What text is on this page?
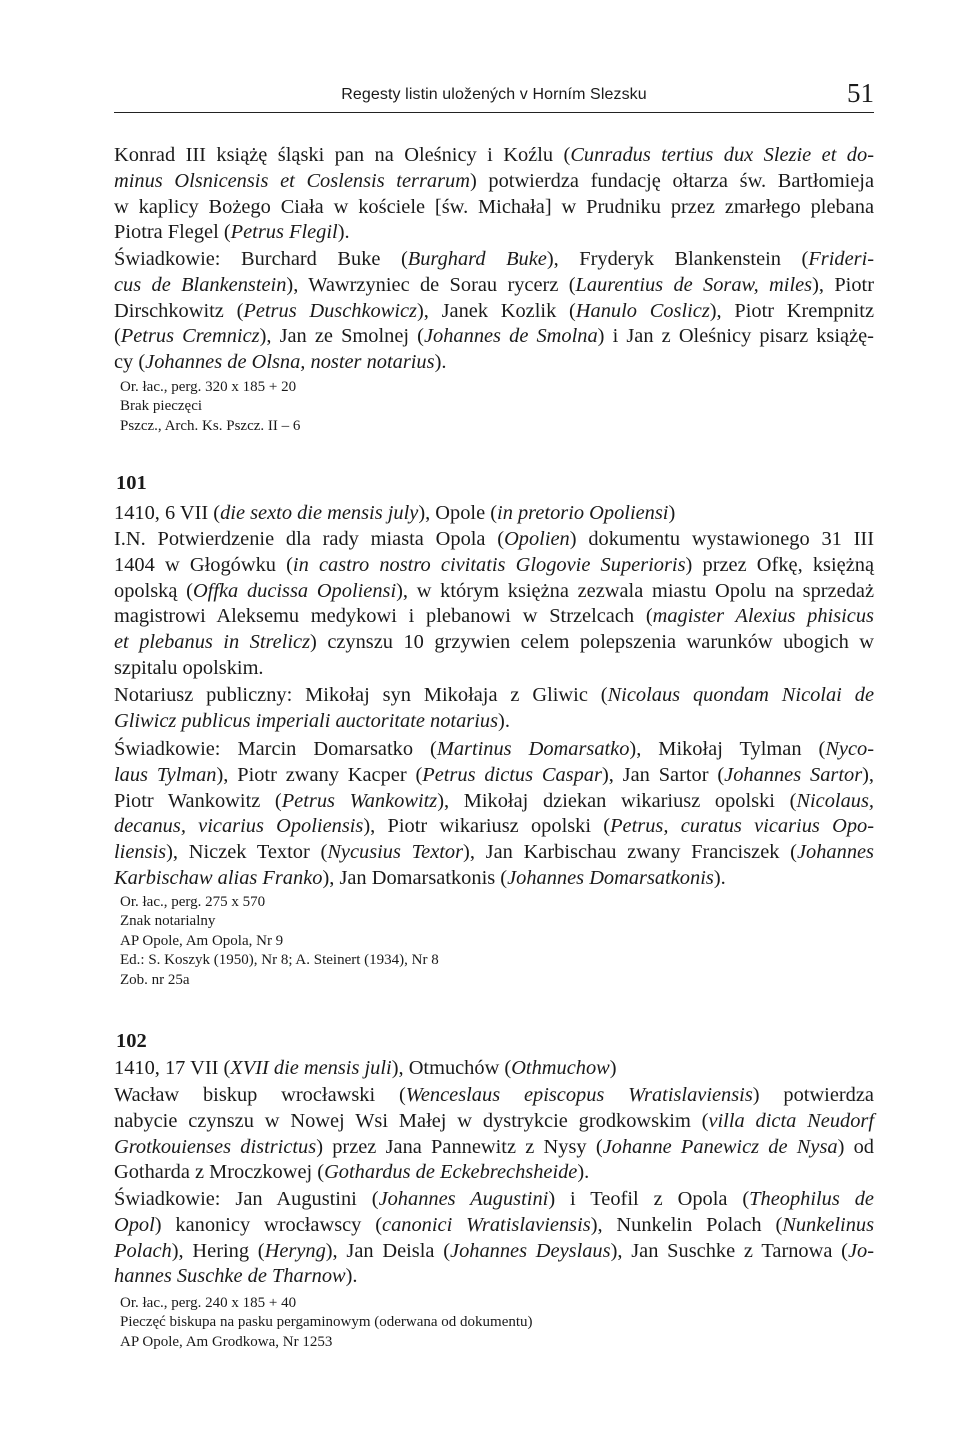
Regesty listin uložených v Horním Slezsku	51
Konrad III książę śląski pan na Oleśnicy i Koźlu (Cunradus tertius dux Slezie et do-
minus Olsnicensis et Coslensis terrarum) potwierdza fundację ołtarza św. Bartłomieja
w kaplicy Bożego Ciała w kościele [św. Michała] w Prudniku przez zmarłego plebana
Piotra Flegel (Petrus Flegil).
Świadkowie: Burchard Buke (Burghard Buke), Fryderyk Blankenstein (Frideri-
cus de Blankenstein), Wawrzyniec de Sorau rycerz (Laurentius de Soraw, miles), Piotr
Dirschkowitz (Petrus Duschkowicz), Janek Kozlik (Hanulo Coslicz), Piotr Krempnitz
(Petrus Cremnicz), Jan ze Smolnej (Johannes de Smolna) i Jan z Oleśnicy pisarz książę-
cy (Johannes de Olsna, noster notarius).
Or. łac., perg. 320 x 185 + 20
Brak pieczęci
Pszcz., Arch. Ks. Pszcz. II – 6
101
1410, 6 VII (die sexto die mensis july), Opole (in pretorio Opoliensi)
I.N. Potwierdzenie dla rady miasta Opola (Opolien) dokumentu wystawionego 31 III
1404 w Głogówku (in castro nostro civitatis Glogovie Superioris) przez Ofkę, księżną
opolską (Offka ducissa Opoliensi), w którym księżna zezwala miastu Opolu na sprzedaż
magistrowi Aleksemu medykowi i plebanowi w Strzelcach (magister Alexius phisicus
et plebanus in Strelicz) czynszu 10 grzywien celem polepszenia warunków ubogich w
szpitalu opolskim.
Notariusz publiczny: Mikołaj syn Mikołaja z Gliwic (Nicolaus quondam Nicolai de
Gliwicz publicus imperiali auctoritate notarius).
Świadkowie: Marcin Domarsatko (Martinus Domarsatko), Mikołaj Tylman (Nyco-
laus Tylman), Piotr zwany Kacper (Petrus dictus Caspar), Jan Sartor (Johannes Sartor),
Piotr Wankowitz (Petrus Wankowitz), Mikołaj dziekan wikariusz opolski (Nicolaus,
decanus, vicarius Opoliensis), Piotr wikariusz opolski (Petrus, curatus vicarius Opo-
liensis), Niczek Textor (Nycusius Textor), Jan Karbischau zwany Franciszek (Johannes
Karbischaw alias Franko), Jan Domarsatkonis (Johannes Domarsatkonis).
Or. łac., perg. 275 x 570
Znak notarialny
AP Opole, Am Opola, Nr 9
Ed.: S. Koszyk (1950), Nr 8; A. Steinert (1934), Nr 8
Zob. nr 25a
102
1410, 17 VII (XVII die mensis juli), Otmuchów (Othmuchow)
Wacław biskup wrocławski (Wenceslaus episcopus Wratislaviensis) potwierdza
nabycie czynszu w Nowej Wsi Małej w dystrykcie grodkowskim (villa dicta Neudorf
Grotkouienses districtus) przez Jana Pannewitz z Nysy (Johanne Panewicz de Nysa) od
Gotharda z Mroczkowej (Gothardus de Eckebrechsheide).
Świadkowie: Jan Augustini (Johannes Augustini) i Teofil z Opola (Theophilus de
Opol) kanonicy wrocławscy (canonici Wratislaviensis), Nunkelin Polach (Nunkelinus
Polach), Hering (Heryng), Jan Deisla (Johannes Deyslaus), Jan Suschke z Tarnowa (Jo-
hannes Suschke de Tharnow).
Or. łac., perg. 240 x 185 + 40
Pieczęć biskupa na pasku pergaminowym (oderwana od dokumentu)
AP Opole, Am Grodkowa, Nr 1253
